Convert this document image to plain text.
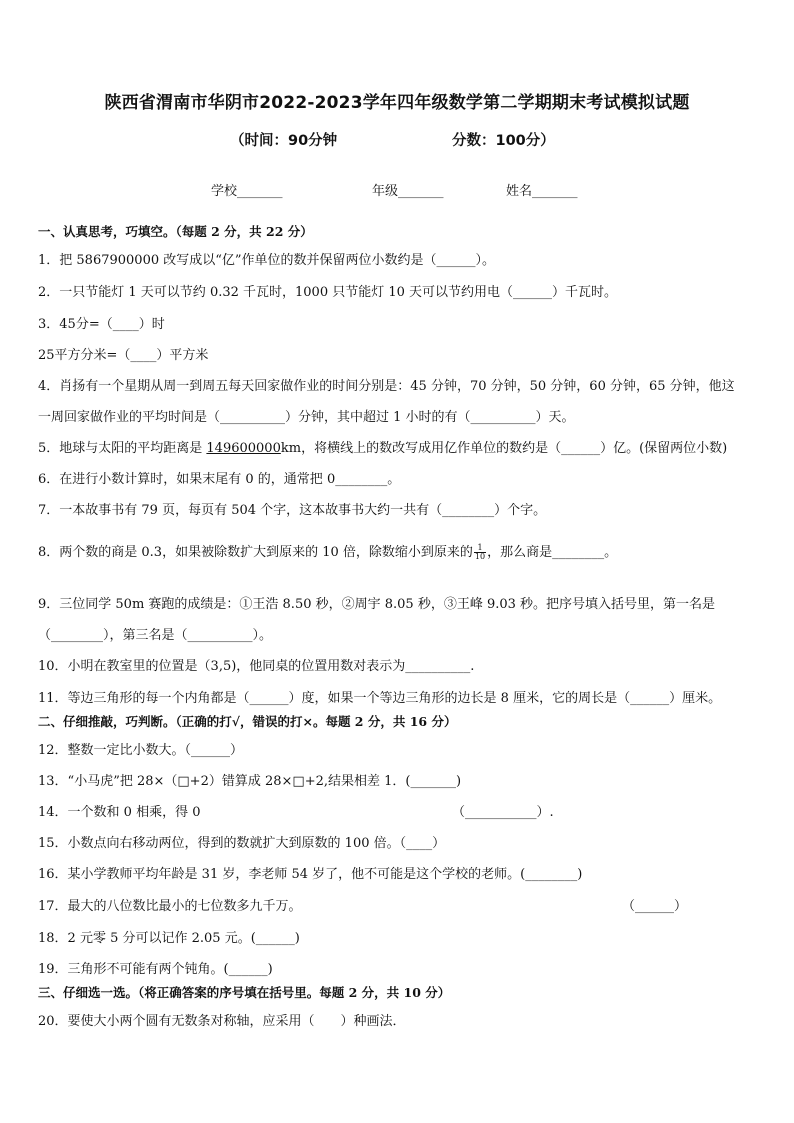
陕西省渭南市华阴市2022-2023学年四年级数学第二学期期末考试模拟试题
（时间：90分钟	分数：100分）
学校_______	年级_______	姓名_______
一、认真思考，巧填空。（每题 2 分，共 22 分）
1．把 5867900000 改写成以“亿”作单位的数并保留两位小数约是（______）。
2．一只节能灯 1 天可以节约 0.32 千瓦时，1000 只节能灯 10 天可以节约用电（______）千瓦时。
3．45分=（____）时
25平方分米=（____）平方米
4．肖扬有一个星期从周一到周五每天回家做作业的时间分别是：45 分钟，70 分钟，50 分钟，60 分钟，65 分钟，他这
一周回家做作业的平均时间是（__________）分钟，其中超过 1 小时的有（__________）天。
5．地球与太阳的平均距离是 149600000km，将横线上的数改写成用亿作单位的数约是（______）亿。(保留两位小数)
6．在进行小数计算时，如果末尾有 0 的，通常把 0________。
7．一本故事书有 79 页，每页有 504 个字，这本故事书大约一共有（________）个字。
8．两个数的商是 0.3，如果被除数扩大到原来的 10 倍，除数缩小到原来的 $\frac{1}{10}$ ，那么商是________。
9．三位同学 50m 赛跑的成绩是：①王浩 8.50 秒，②周宇 8.05 秒，③王峰 9.03 秒。把序号填入括号里，第一名是
（________），第三名是（__________）。
10．小明在教室里的位置是（3,5)，他同桌的位置用数对表示为__________.
11．等边三角形的每一个内角都是（______）度，如果一个等边三角形的边长是 8 厘米，它的周长是（______）厘米。
二、仔细推敲，巧判断。（正确的打√，错误的打×。每题 2 分，共 16 分）
12．整数一定比小数大。（______）
13．“小马虎”把 28×（□+2）错算成 28×□+2,结果相差 1．(_______)
14．一个数和 0 相乘，得 0	（___________）.
15．小数点向右移动两位，得到的数就扩大到原数的 100 倍。（____）
16．某小学教师平均年龄是 31 岁，李老师 54 岁了，他不可能是这个学校的老师。(________)
17．最大的八位数比最小的七位数多九千万。	（______）
18．2 元零 5 分可以记作 2.05 元。(______)
19．三角形不可能有两个钝角。(______)
三、仔细选一选。（将正确答案的序号填在括号里。每题 2 分，共 10 分）
20．要使大小两个圆有无数条对称轴，应采用（　　）种画法．
